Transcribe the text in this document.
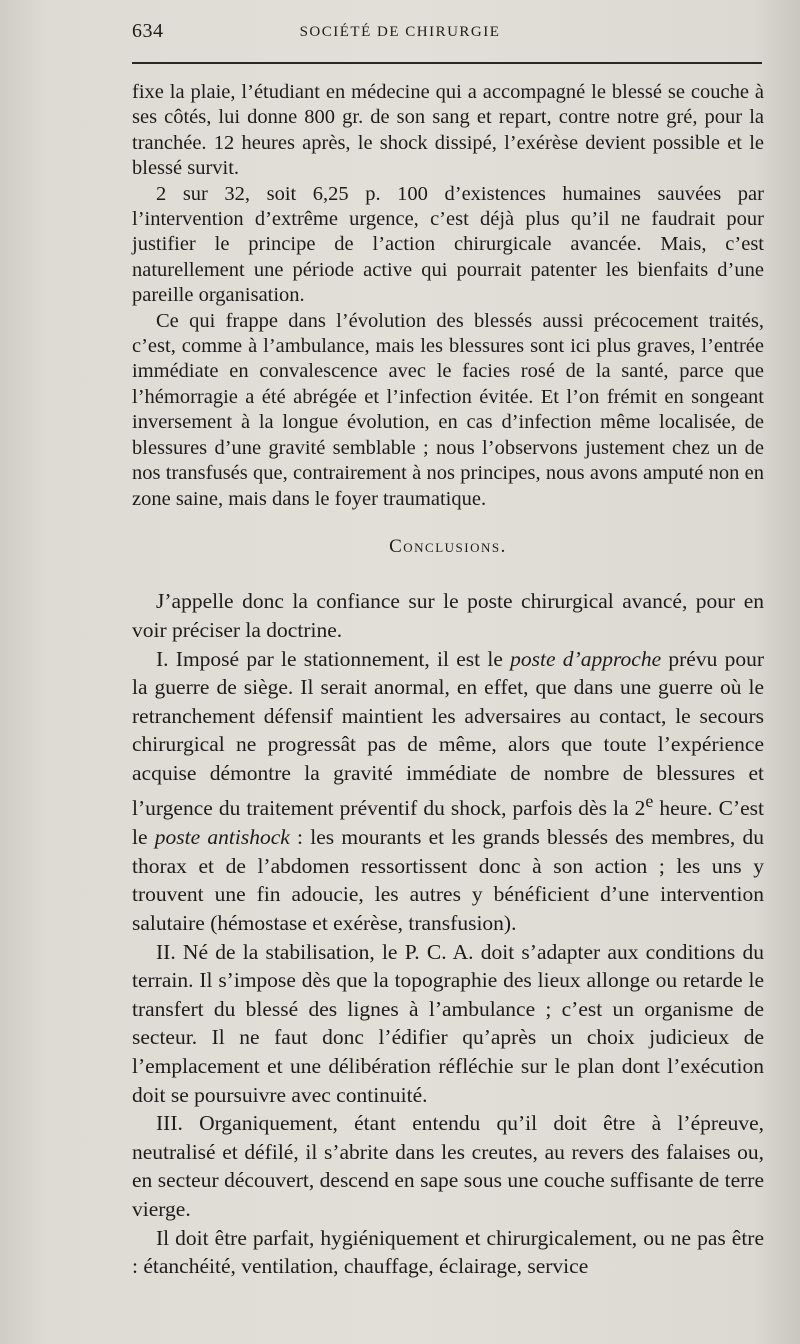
634	SOCIÉTÉ DE CHIRURGIE

fixe la plaie, l’étudiant en médecine qui a accompagné le blessé se couche à ses côtés, lui donne 800 gr. de son sang et repart, contre notre gré, pour la tranchée. 12 heures après, le shock dissipé, l’exérèse devient possible et le blessé survit.

2 sur 32, soit 6,25 p. 100 d’existences humaines sauvées par l’intervention d’extrême urgence, c’est déjà plus qu’il ne faudrait pour justifier le principe de l’action chirurgicale avancée. Mais, c’est naturellement une période active qui pourrait patenter les bienfaits d’une pareille organisation.

Ce qui frappe dans l’évolution des blessés aussi précocement traités, c’est, comme à l’ambulance, mais les blessures sont ici plus graves, l’entrée immédiate en convalescence avec le facies rosé de la santé, parce que l’hémorragie a été abrégée et l’infection évitée. Et l’on frémit en songeant inversement à la longue évolution, en cas d’infection même localisée, de blessures d’une gravité semblable ; nous l’observons justement chez un de nos transfusés que, contrairement à nos principes, nous avons amputé non en zone saine, mais dans le foyer traumatique.

Conclusions.

J’appelle donc la confiance sur le poste chirurgical avancé, pour en voir préciser la doctrine.

I. Imposé par le stationnement, il est le poste d’approche prévu pour la guerre de siège. Il serait anormal, en effet, que dans une guerre où le retranchement défensif maintient les adversaires au contact, le secours chirurgical ne progressât pas de même, alors que toute l’expérience acquise démontre la gravité immédiate de nombre de blessures et l’urgence du traitement préventif du shock, parfois dès la 2e heure. C’est le poste antishock : les mourants et les grands blessés des membres, du thorax et de l’abdomen ressortissent donc à son action ; les uns y trouvent une fin adoucie, les autres y bénéficient d’une intervention salutaire (hémostase et exérèse, transfusion).

II. Né de la stabilisation, le P. C. A. doit s’adapter aux conditions du terrain. Il s’impose dès que la topographie des lieux allonge ou retarde le transfert du blessé des lignes à l’ambulance ; c’est un organisme de secteur. Il ne faut donc l’édifier qu’après un choix judicieux de l’emplacement et une délibération réfléchie sur le plan dont l’exécution doit se poursuivre avec continuité.

III. Organiquement, étant entendu qu’il doit être à l’épreuve, neutralisé et défilé, il s’abrite dans les creutes, au revers des falaises ou, en secteur découvert, descend en sape sous une couche suffisante de terre vierge.

Il doit être parfait, hygiéniquement et chirurgicalement, ou ne pas être : étanchéité, ventilation, chauffage, éclairage, service
